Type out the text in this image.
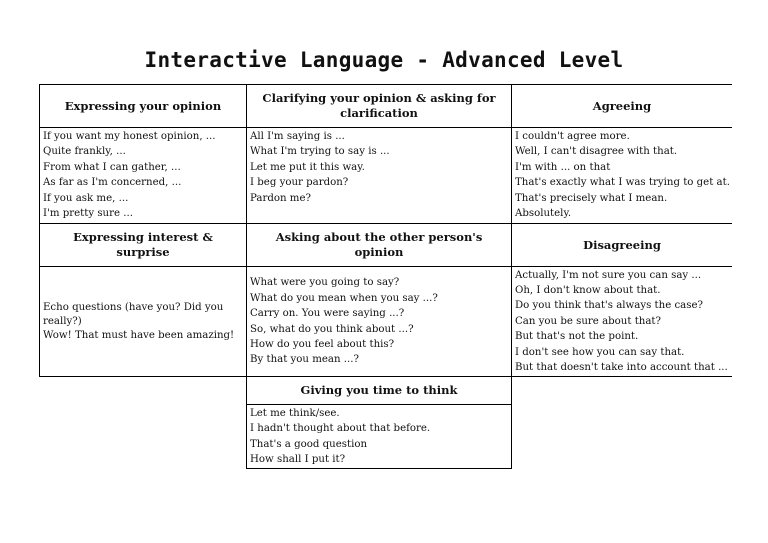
Interactive Language - Advanced Level
Expressing your opinion
If you want my honest opinion, ...
Quite frankly, ...
From what I can gather, ...
As far as I'm concerned, ...
If you ask me, ...
I'm pretty sure ...
Clarifying your opinion & asking for clarification
All I'm saying is ...
What I'm trying to say is ...
Let me put it this way.
I beg your pardon?
Pardon me?
Agreeing
I couldn't agree more.
Well, I can't disagree with that.
I'm with ... on that
That's exactly what I was trying to get at.
That's precisely what I mean.
Absolutely.
Expressing interest & surprise
Echo questions (have you? Did you really?)
Wow! That must have been amazing!
Asking about the other person's opinion
What were you going to say?
What do you mean when you say ...?
Carry on. You were saying ...?
So, what do you think about ...?
How do you feel about this?
By that you mean ...?
Disagreeing
Actually, I'm not sure you can say ...
Oh, I don't know about that.
Do you think that's always the case?
Can you be sure about that?
But that's not the point.
I don't see how you can say that.
But that doesn't take into account that ...
Giving you time to think
Let me think/see.
I hadn't thought about that before.
That's a good question
How shall I put it?
